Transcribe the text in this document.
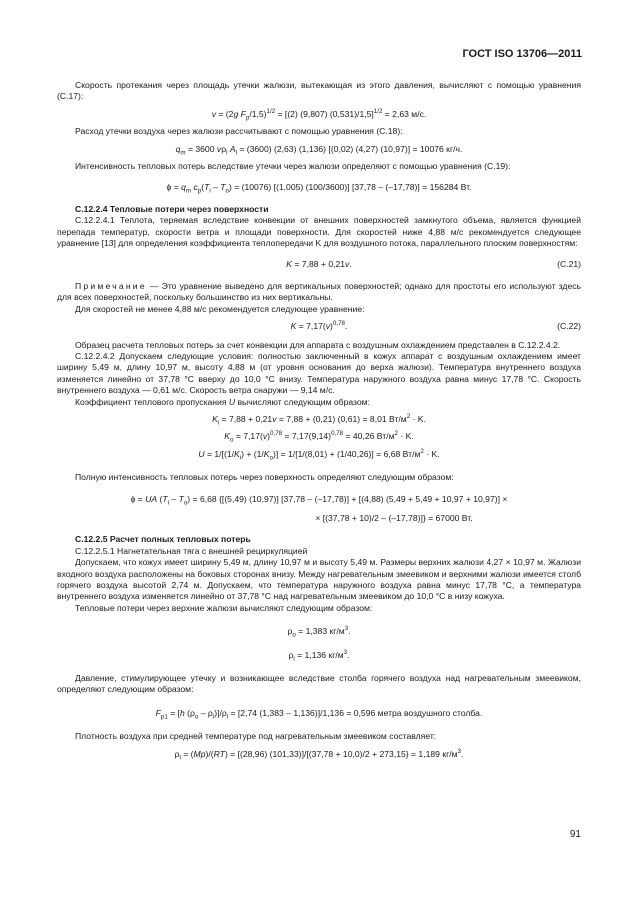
ГОСТ ISO 13706—2011

Скорость протекания через площадь утечки жалюзи, вытекающая из этого давления, вычисляют с помощью уравнения (C.17):

v = (2g $F_p/1,5)^{1/2} = [(2)$ (9,807) (0,531)/1,5]$^{1/2}$ = 2,63 м/с.

Расход утечки воздуха через жалюзи рассчитывают с помощью уравнения (C.18):

$q_m = 3600$ $v\rho_l$ $A_l = (3600)$ (2,63) (1,136) [(0,02) (4,27) (10,97)] = 10076 кг/ч.

Интенсивность тепловых потерь вследствие утечки через жалюзи определяют с помощью уравнения (C.19):

$\phi = q_m$ $c_p(T_i - T_o) = (10076)$ [(1,005) (100/3600)] [37,78 – (–17,78)] = 156284 Вт.

C.12.2.4 Тепловые потери через поверхности

C.12.2.4.1 Теплота, теряемая вследствие конвекции от внешних поверхностей замкнутого объема, является функцией перепада температур, скорости ветра и площади поверхности. Для скоростей ниже 4,88 м/с рекомендуется следующее уравнение [13] для определения коэффициента теплопередачи K для воздушного потока, параллельного плоским поверхностям:

K = 7,88 + 0,21v.	(C.21)

Примечание — Это уравнение выведено для вертикальных поверхностей; однако для простоты его используют здесь для всех поверхностей, поскольку большинство из них вертикальны.

Для скоростей не менее 4,88 м/с рекомендуется следующее уравнение:

$K = 7,17(v)^{0,78}$.	(C.22)

Образец расчета тепловых потерь за счет конвекции для аппарата с воздушным охлаждением представлен в C.12.2.4.2.

C.12.2.4.2 Допускаем следующие условия: полностью заключенный в кожух аппарат с воздушным охлаждением имеет ширину 5,49 м, длину 10,97 м, высоту 4,88 м (от уровня основания до верха жалюзи). Температура внутреннего воздуха изменяется линейно от 37,78 °C вверху до 10,0 °C внизу. Температура наружного воздуха равна минус 17,78 °C. Скорость внутреннего воздуха — 0,61 м/с. Скорость ветра снаружи — 9,14 м/с.

Коэффициент теплового пропускания U вычисляют следующим образом:

$K_i = 7,88 + 0,21v = 7,88 + (0,21) (0,61) = 8,01$ $Вт/м^2 \cdot K$.

$K_o = 7,17(v)^{0,78} = 7,17(9,14)^{0,78} = 40,26$ $Вт/м^2 \cdot K$.

$U = 1/[(1/K_i) + (1/K_o)] = 1/[1/(8,01) + (1/40,26)] = 6,68$ $Вт/м^2 \cdot K$.

Полную интенсивность тепловых потерь через поверхность определяют следующим образом:

ϕ = UA $(T_i - T_o) = 6,68$ {[(5,49) (10,97)] [37,78 – (–17,78)] + [(4,88) (5,49 + 5,49 + 10,97 + 10,97)] ×

× [(37,78 + 10)/2 – (–17,78)]} = 67000 Вт.

C.12.2.5 Расчет полных тепловых потерь

C.12.2.5.1 Нагнетательная тяга с внешней рециркуляцией

Допускаем, что кожух имеет ширину 5,49 м, длину 10,97 м и высоту 5,49 м. Размеры верхних жалюзи 4,27 × 10,97 м. Жалюзи входного воздуха расположены на боковых сторонах внизу. Между нагревательным змеевиком и верхними жалюзи имеется столб горячего воздуха высотой 2,74 м. Допускаем, что температура наружного воздуха равна минус 17,78 °C, а температура внутреннего воздуха изменяется линейно от 37,78 °C над нагревательным змеевиком до 10,0 °C в низу кожуха.

Тепловые потери через верхние жалюзи вычисляют следующим образом:

$\rho_o = 1,383$ $кг/м^3$.

$\rho_i = 1,136$ $кг/м^3$.

Давление, стимулирующее утечку и возникающее вследствие столба горячего воздуха над нагревательным змеевиком, определяют следующим образом:

$F_{p1} = [h$ $(\rho_o - \rho_i)]/\rho_i = [2,74$ (1,383 – 1,136)]/1,136 = 0,596 метра воздушного столба.

Плотность воздуха при средней температуре под нагревательным змеевиком составляет:

$\rho_l = (Mp)/(RT) = [(28,96) (101,33)]/[(37,78 + 10,0)/2 + 273,15\} = 1,189$ $кг/м^3$.

91
